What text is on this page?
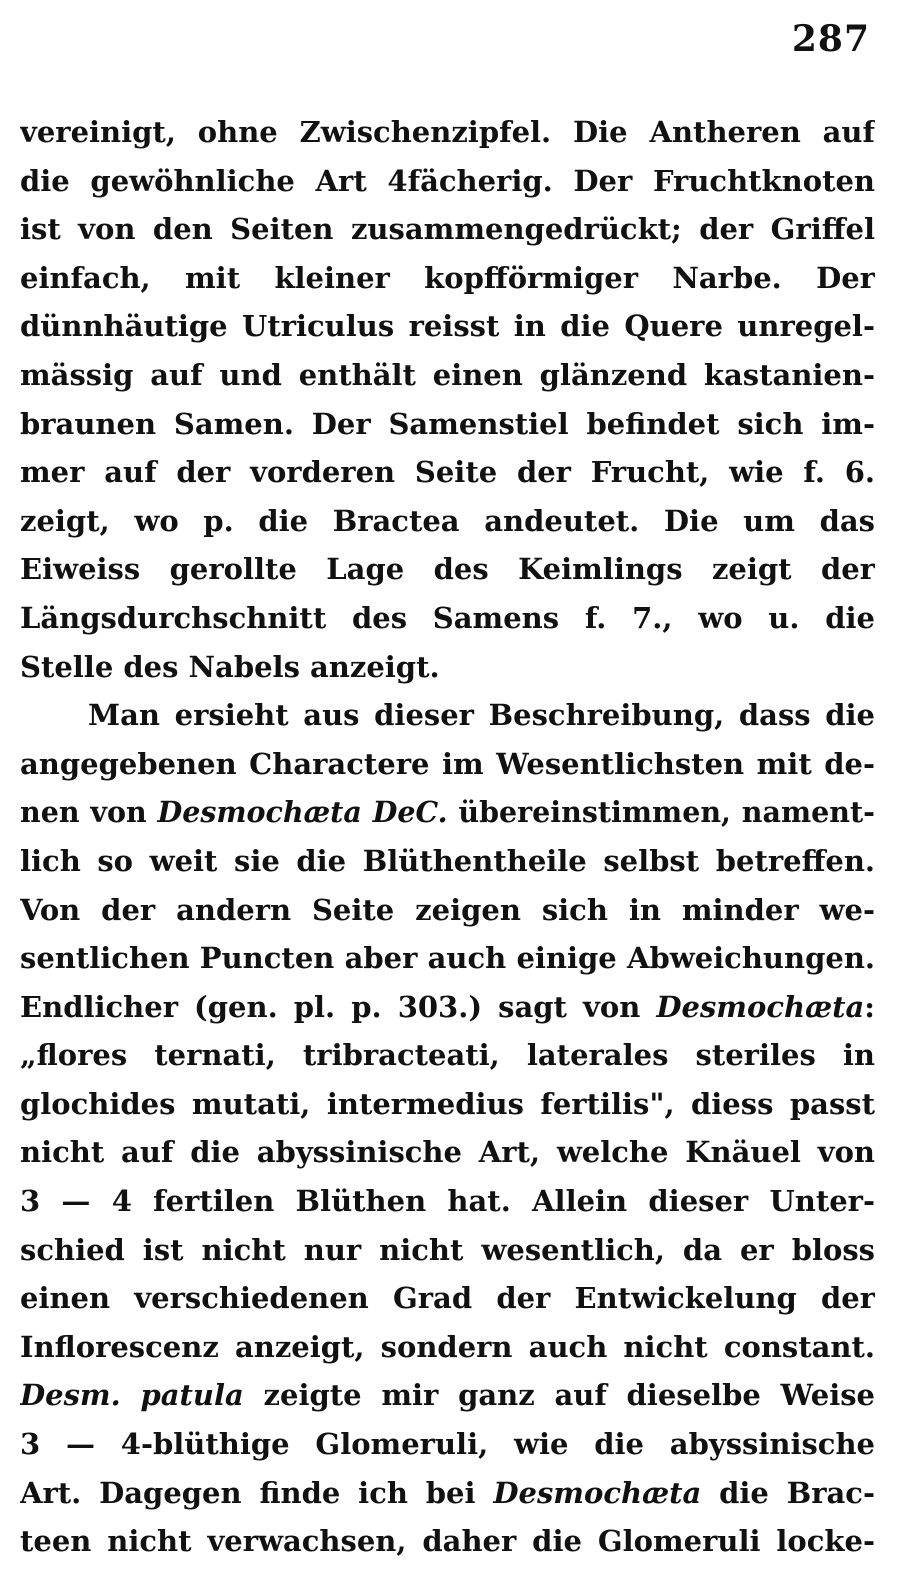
287
vereinigt, ohne Zwischenzipfel. Die Antheren auf
die gewöhnliche Art 4fächerig. Der Fruchtknoten
ist von den Seiten zusammengedrückt; der Griffel
einfach, mit kleiner kopfförmiger Narbe. Der
dünnhäutige Utriculus reisst in die Quere unregel-
mässig auf und enthält einen glänzend kastanien-
braunen Samen. Der Samenstiel befindet sich im-
mer auf der vorderen Seite der Frucht, wie f. 6.
zeigt, wo p. die Bractea andeutet. Die um das
Eiweiss gerollte Lage des Keimlings zeigt der
Längsdurchschnitt des Samens f. 7., wo u. die
Stelle des Nabels anzeigt.
Man ersieht aus dieser Beschreibung, dass die
angegebenen Charactere im Wesentlichsten mit de-
nen von Desmochæta DeC. übereinstimmen, nament-
lich so weit sie die Blüthentheile selbst betreffen.
Von der andern Seite zeigen sich in minder we-
sentlichen Puncten aber auch einige Abweichungen.
Endlicher (gen. pl. p. 303.) sagt von Desmochæta:
„flores ternati, tribracteati, laterales steriles in
glochides mutati, intermedius fertilis", diess passt
nicht auf die abyssinische Art, welche Knäuel von
3 — 4 fertilen Blüthen hat. Allein dieser Unter-
schied ist nicht nur nicht wesentlich, da er bloss
einen verschiedenen Grad der Entwickelung der
Inflorescenz anzeigt, sondern auch nicht constant.
Desm. patula zeigte mir ganz auf dieselbe Weise
3 — 4-blüthige Glomeruli, wie die abyssinische
Art. Dagegen finde ich bei Desmochæta die Brac-
teen nicht verwachsen, daher die Glomeruli locke-
